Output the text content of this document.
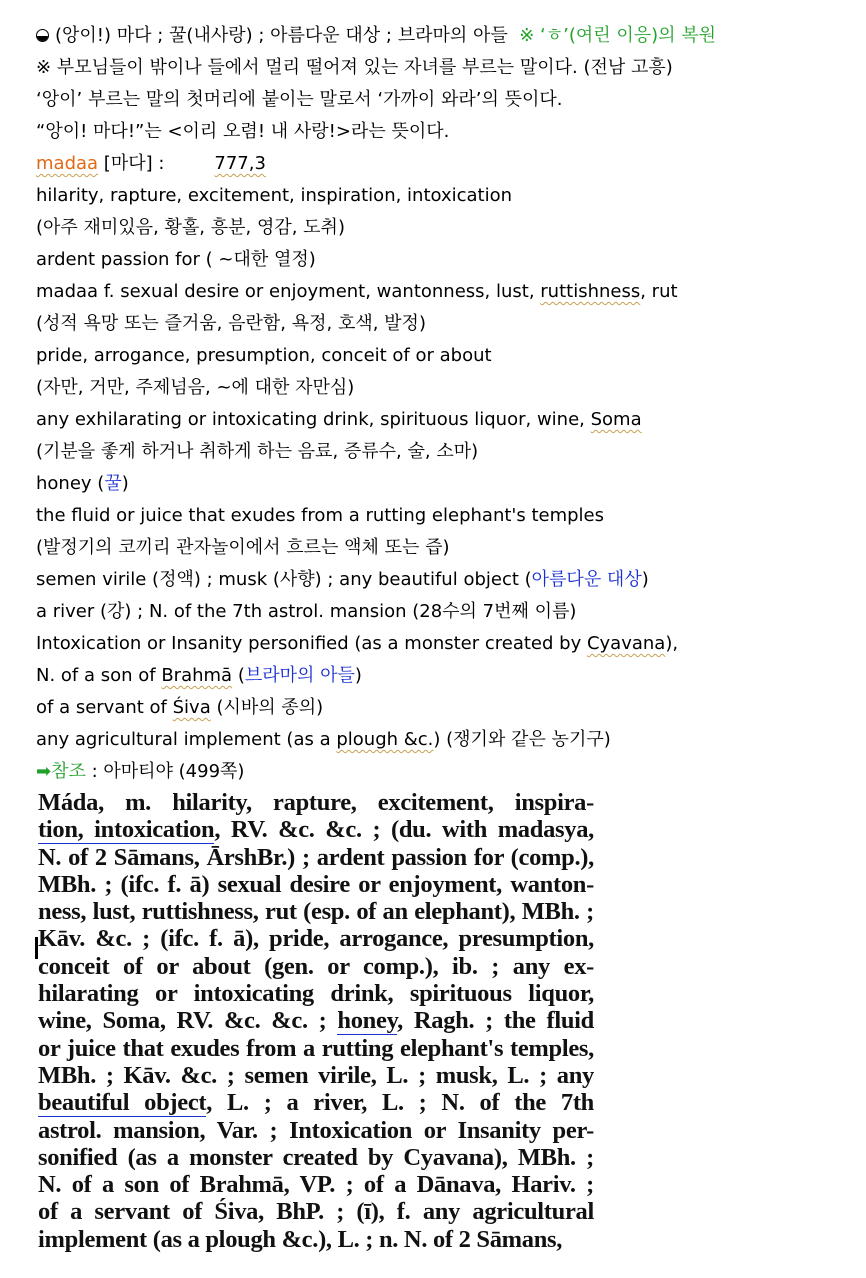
(앙이!) 마다 ; 꿀(내사랑) ; 아름다운 대상 ; 브라마의 아들 ※ ‘ㅎ’(여린 이응)의 복원
※ 부모님들이 밖이나 들에서 멀리 떨어져 있는 자녀를 부르는 말이다. (전남 고흥)
‘앙이’ 부르는 말의 첫머리에 붙이는 말로서 ‘가까이 와라’의 뜻이다.
“앙이! 마다!”는 <이리 오렴! 내 사랑!>라는 뜻이다.
madaa [마다] :	777,3
hilarity, rapture, excitement, inspiration, intoxication
(아주 재미있음, 황홀, 흥분, 영감, 도취)
ardent passion for ( ~대한 열정)
madaa f. sexual desire or enjoyment, wantonness, lust, ruttishness, rut
(성적 욕망 또는 즐거움, 음란함, 욕정, 호색, 발정)
pride, arrogance, presumption, conceit of or about
(자만, 거만, 주제넘음, ~에 대한 자만심)
any exhilarating or intoxicating drink, spirituous liquor, wine, Soma
(기분을 좋게 하거나 취하게 하는 음료, 증류수, 술, 소마)
honey (꿀)
the fluid or juice that exudes from a rutting elephant's temples
(발정기의 코끼리 관자놀이에서 흐르는 액체 또는 즙)
semen virile (정액) ; musk (사향) ; any beautiful object (아름다운 대상)
a river (강) ; N. of the 7th astrol. mansion (28수의 7번째 이름)
Intoxication or Insanity personified (as a monster created by Cyavana),
N. of a son of Brahmā (브라마의 아들)
of a servant of Śiva (시바의 종의)
any agricultural implement (as a plough &c.) (쟁기와 같은 농기구)
➡참조 : 아마티야 (499쪽)
Máda, m. hilarity, rapture, excitement, inspira-
tion, intoxication, RV. &c. &c. ; (du. with madasya,
N. of 2 Sāmans, ĀrshBr.) ; ardent passion for (comp.),
MBh. ; (ifc. f. ā) sexual desire or enjoyment, wanton-
ness, lust, ruttishness, rut (esp. of an elephant), MBh. ;
Kāv. &c. ; (ifc. f. ā), pride, arrogance, presumption,
conceit of or about (gen. or comp.), ib. ; any ex-
hilarating or intoxicating drink, spirituous liquor,
wine, Soma, RV. &c. &c. ; honey, Ragh. ; the fluid
or juice that exudes from a rutting elephant's temples,
MBh. ; Kāv. &c. ; semen virile, L. ; musk, L. ; any
beautiful object, L. ; a river, L. ; N. of the 7th
astrol. mansion, Var. ; Intoxication or Insanity per-
sonified (as a monster created by Cyavana), MBh. ;
N. of a son of Brahmā, VP. ; of a Dānava, Hariv. ;
of a servant of Śiva, BhP. ; (ī), f. any agricultural
implement (as a plough &c.), L. ; n. N. of 2 Sāmans,
